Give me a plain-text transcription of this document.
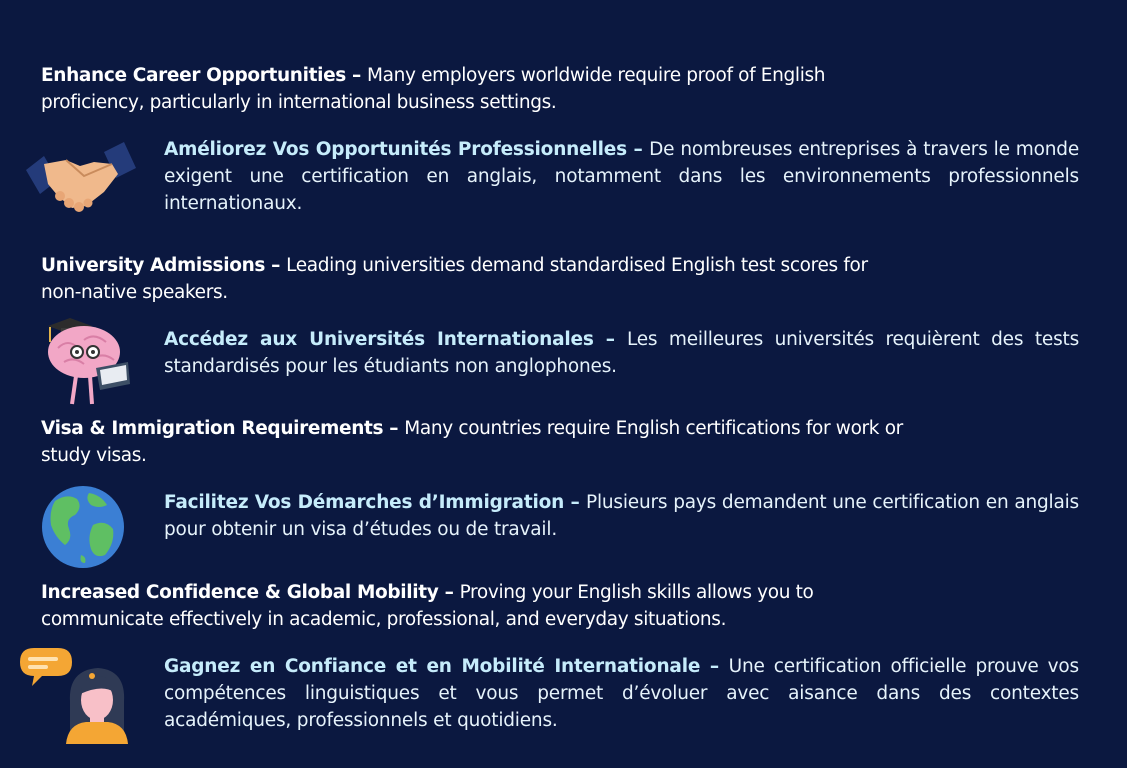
Enhance Career Opportunities – Many employers worldwide require proof of English proficiency, particularly in international business settings.
Améliorez Vos Opportunités Professionnelles – De nombreuses entreprises à travers le monde exigent une certification en anglais, notamment dans les environnements professionnels internationaux.
University Admissions – Leading universities demand standardised English test scores for non-native speakers.
Accédez aux Universités Internationales – Les meilleures universités requièrent des tests standardisés pour les étudiants non anglophones.
Visa & Immigration Requirements – Many countries require English certifications for work or study visas.
Facilitez Vos Démarches d’Immigration – Plusieurs pays demandent une certification en anglais pour obtenir un visa d’études ou de travail.
Increased Confidence & Global Mobility – Proving your English skills allows you to communicate effectively in academic, professional, and everyday situations.
Gagnez en Confiance et en Mobilité Internationale – Une certification officielle prouve vos compétences linguistiques et vous permet d’évoluer avec aisance dans des contextes académiques, professionnels et quotidiens.
